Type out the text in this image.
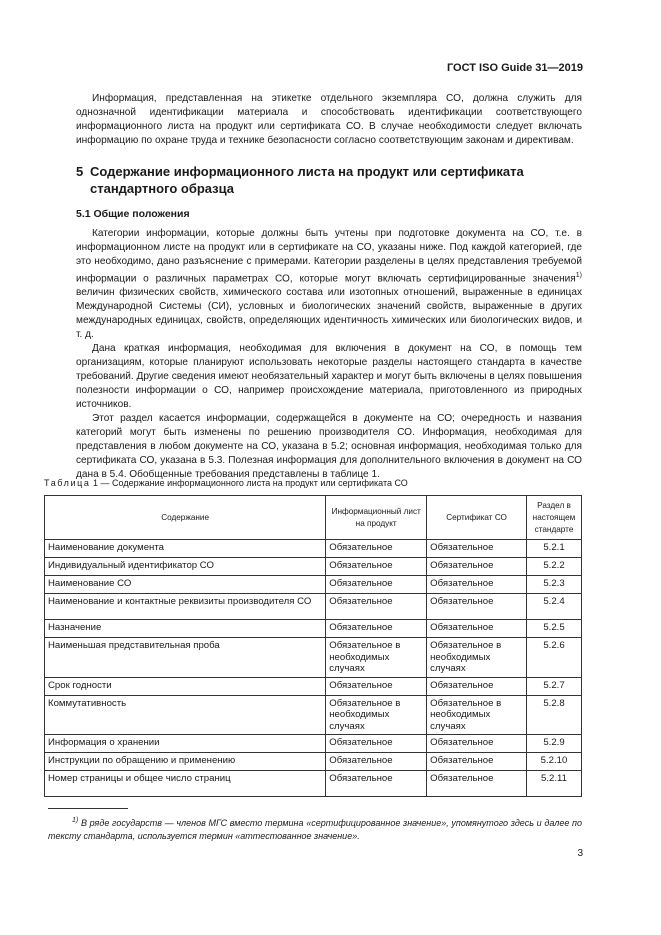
ГОСТ ISO Guide 31—2019

Информация, представленная на этикетке отдельного экземпляра СО, должна служить для однозначной идентификации материала и способствовать идентификации соответствующего информационного листа на продукт или сертификата СО. В случае необходимости следует включать информацию по охране труда и технике безопасности согласно соответствующим законам и директивам.

5 Содержание информационного листа на продукт или сертификата
стандартного образца
5.1 Общие положения

Категории информации, которые должны быть учтены при подготовке документа на СО, т.е. в информационном листе на продукт или в сертификате на СО, указаны ниже. Под каждой категорией, где это необходимо, дано разъяснение с примерами. Категории разделены в целях представления требуемой информации о различных параметрах СО, которые могут включать сертифицированные значения$^{1)}$ величин физических свойств, химического состава или изотопных отношений, выраженные в единицах Международной Системы (СИ), условных и биологических значений свойств, выраженные в других международных единицах, свойств, определяющих идентичность химических или биологических видов, и т. д.

Дана краткая информация, необходимая для включения в документ на СО, в помощь тем организациям, которые планируют использовать некоторые разделы настоящего стандарта в качестве требований. Другие сведения имеют необязательный характер и могут быть включены в целях повышения полезности информации о СО, например происхождение материала, приготовленного из природных источников.

Этот раздел касается информации, содержащейся в документе на СО; очередность и названия категорий могут быть изменены по решению производителя СО. Информация, необходимая для представления в любом документе на СО, указана в 5.2; основная информация, необходимая только для сертификата СО, указана в 5.3. Полезная информация для дополнительного включения в документ на СО дана в 5.4. Обобщенные требования представлены в таблице 1.

Таблица 1 — Содержание информационного листа на продукт или сертификата СО
Содержание	Информационный лист на продукт	Сертификат СО	Раздел в настоящем стандарте
Наименование документа	Обязательное	Обязательное	5.2.1
Индивидуальный идентификатор СО	Обязательное	Обязательное	5.2.2
Наименование СО	Обязательное	Обязательное	5.2.3
Наименование и контактные реквизиты производителя СО	Обязательное	Обязательное	5.2.4
Назначение	Обязательное	Обязательное	5.2.5
Наименьшая представительная проба	Обязательное в необходимых случаях	Обязательное в необходимых случаях	5.2.6
Срок годности	Обязательное	Обязательное	5.2.7
Коммутативность	Обязательное в необходимых случаях	Обязательное в необходимых случаях	5.2.8
Информация о хранении	Обязательное	Обязательное	5.2.9
Инструкции по обращению и применению	Обязательное	Обязательное	5.2.10
Номер страницы и общее число страниц	Обязательное	Обязательное	5.2.11
$^{1)}$ В ряде государств — членов МГС вместо термина «сертифицированное значение», упомянутого здесь и далее по тексту стандарта, используется термин «аттестованное значение».
3
